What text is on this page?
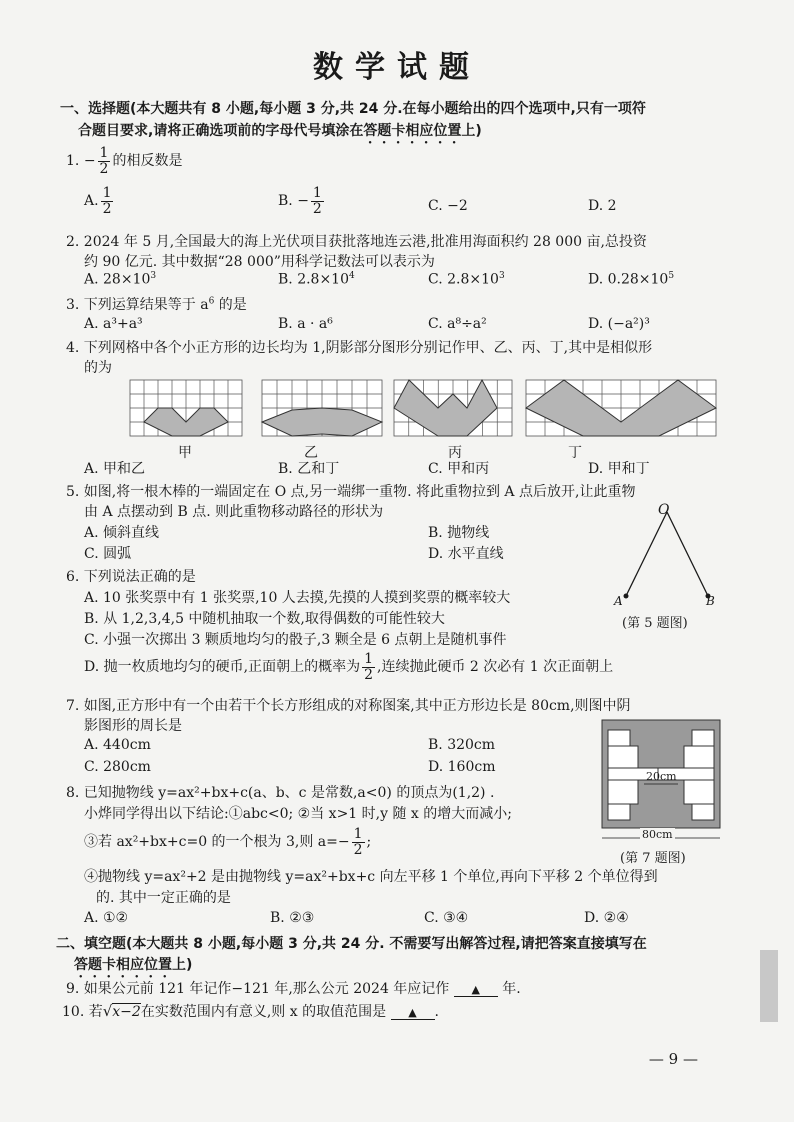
数学试题
一、选择题(本大题共有 8 小题,每小题 3 分,共 24 分.在每小题给出的四个选项中,只有一项符
合题目要求,请将正确选项前的字母代号填涂在答题卡相应位置上)
1. − $\frac{1}{2}$ 的相反数是
A. $\frac{1}{2}$	B. − $\frac{1}{2}$	C. −2	D. 2
2. 2024 年 5 月,全国最大的海上光伏项目获批落地连云港,批准用海面积约 28 000 亩,总投资
约 90 亿元. 其中数据“28 000”用科学记数法可以表示为
A. $28\times 10^3$	B. $2.8\times 10^4$	C. $2.8\times 10^3$	D. $0.28\times 10^5$
3. 下列运算结果等于 $a^6$ 的是
A. a³+a³	B. a · a⁶	C. a⁸÷a²	D. (−a²)³
4. 下列网格中各个小正方形的边长均为 1,阴影部分图形分别记作甲、乙、丙、丁,其中是相似形
的为
甲	乙	丙	丁
A. 甲和乙	B. 乙和丁	C. 甲和丙	D. 甲和丁
5. 如图,将一根木棒的一端固定在 O 点,另一端绑一重物. 将此重物拉到 A 点后放开,让此重物
由 A 点摆动到 B 点. 则此重物移动路径的形状为
A. 倾斜直线	B. 抛物线
C. 圆弧	D. 水平直线
O
A	B
(第 5 题图)
6. 下列说法正确的是
A. 10 张奖票中有 1 张奖票,10 人去摸,先摸的人摸到奖票的概率较大
B. 从 1,2,3,4,5 中随机抽取一个数,取得偶数的可能性较大
C. 小强一次掷出 3 颗质地均匀的骰子,3 颗全是 6 点朝上是随机事件
D. 抛一枚质地均匀的硬币,正面朝上的概率为 $\frac{1}{2}$ ,连续抛此硬币 2 次必有 1 次正面朝上
7. 如图,正方形中有一个由若干个长方形组成的对称图案,其中正方形边长是 80cm,则图中阴
影图形的周长是
A. 440cm	B. 320cm
C. 280cm	D. 160cm
20cm
80cm
(第 7 题图)
8. 已知抛物线 y=ax²+bx+c(a、b、c 是常数,a<0) 的顶点为(1,2) .
小烨同学得出以下结论:①abc<0; ②当 x>1 时,y 随 x 的增大而减小;
③若 ax²+bx+c=0 的一个根为 3,则 $a=- \frac{1}{2}$ ;
④抛物线 y=ax²+2 是由抛物线 y=ax²+bx+c 向左平移 1 个单位,再向下平移 2 个单位得到
的. 其中一定正确的是
A. ①②	B. ②③	C. ③④	D. ②④
二、填空题(本大题共 8 小题,每小题 3 分,共 24 分. 不需要写出解答过程,请把答案直接填写在
答题卡相应位置上)
9. 如果公元前 121 年记作−121 年,那么公元 2024 年应记作 ▲ 年.
10. 若√x−2在实数范围内有意义,则 x 的取值范围是 ▲ .
— 9 —
